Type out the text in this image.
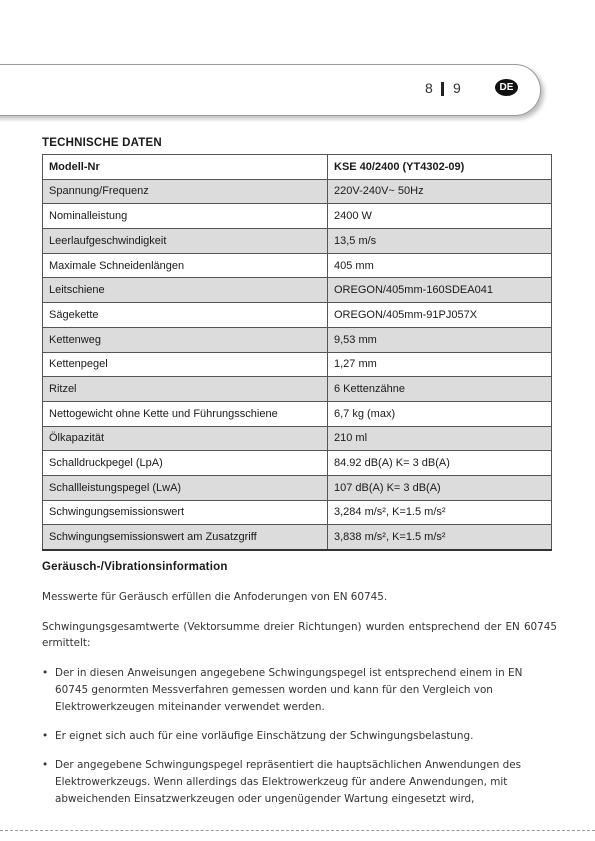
8 9	DE
TECHNISCHE DATEN
Modell-Nr	KSE 40/2400 (YT4302-09)
Spannung/Frequenz	220V-240V~ 50Hz
Nominalleistung	2400 W
Leerlaufgeschwindigkeit	13,5 m/s
Maximale Schneidenlängen	405 mm
Leitschiene	OREGON/405mm-160SDEA041
Sägekette	OREGON/405mm-91PJ057X
Kettenweg	9,53 mm
Kettenpegel	1,27 mm
Ritzel	6 Kettenzähne
Nettogewicht ohne Kette und Führungsschiene	6,7 kg (max)
Ölkapazität	210 ml
Schalldruckpegel (LpA)	84.92 dB(A) K= 3 dB(A)
Schallleistungspegel (LwA)	107 dB(A) K= 3 dB(A)
Schwingungsemissionswert	3,284 m/s², K=1.5 m/s²
Schwingungsemissionswert am Zusatzgriff	3,838 m/s², K=1.5 m/s²
Geräusch-/Vibrationsinformation
Messwerte für Geräusch erfüllen die Anfoderungen von EN 60745.
Schwingungsgesamtwerte (Vektorsumme dreier Richtungen) wurden entsprechend der EN 60745 ermittelt:
• Der in diesen Anweisungen angegebene Schwingungspegel ist entsprechend einem in EN 60745 genormten Messverfahren gemessen worden und kann für den Vergleich von Elektrowerkzeugen miteinander verwendet werden.
• Er eignet sich auch für eine vorläufige Einschätzung der Schwingungsbelastung.
• Der angegebene Schwingungspegel repräsentiert die hauptsächlichen Anwendungen des Elektrowerkzeugs. Wenn allerdings das Elektrowerkzeug für andere Anwendungen, mit abweichenden Einsatzwerkzeugen oder ungenügender Wartung eingesetzt wird,
